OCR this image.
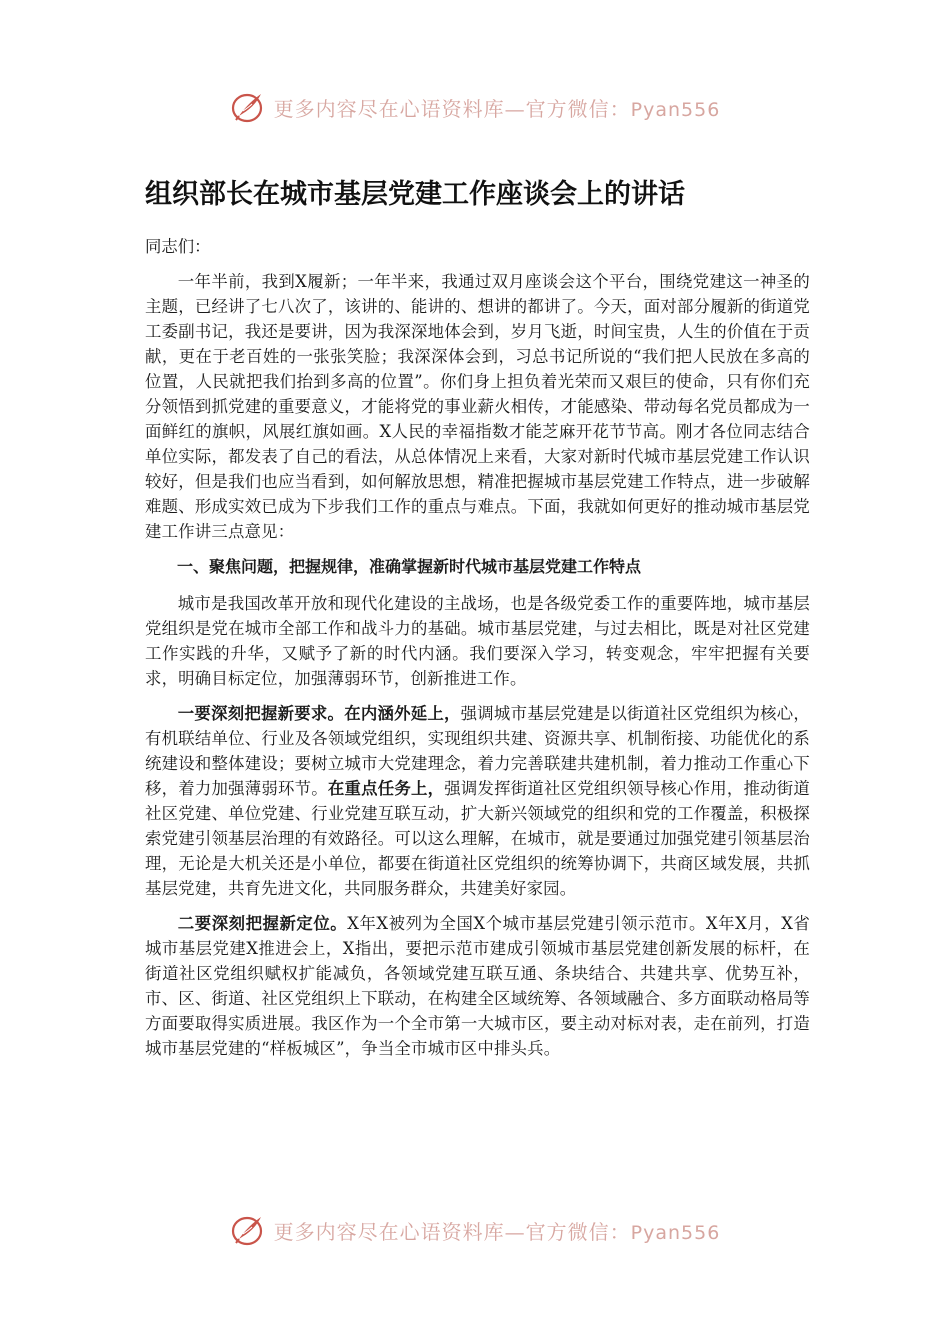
更多内容尽在心语资料库—官方微信：Pyan556
组织部长在城市基层党建工作座谈会上的讲话

同志们：

一年半前，我到X履新；一年半来，我通过双月座谈会这个平台，围绕党建这一神圣的主题，已经讲了七八次了，该讲的、能讲的、想讲的都讲了。今天，面对部分履新的街道党工委副书记，我还是要讲，因为我深深地体会到，岁月飞逝，时间宝贵，人生的价值在于贡献，更在于老百姓的一张张笑脸；我深深体会到，习总书记所说的“我们把人民放在多高的位置，人民就把我们抬到多高的位置”。你们身上担负着光荣而又艰巨的使命，只有你们充分领悟到抓党建的重要意义，才能将党的事业薪火相传，才能感染、带动每名党员都成为一面鲜红的旗帜，风展红旗如画。X人民的幸福指数才能芝麻开花节节高。刚才各位同志结合单位实际，都发表了自己的看法，从总体情况上来看，大家对新时代城市基层党建工作认识较好，但是我们也应当看到，如何解放思想，精准把握城市基层党建工作特点，进一步破解难题、形成实效已成为下步我们工作的重点与难点。下面，我就如何更好的推动城市基层党建工作讲三点意见：

一、聚焦问题，把握规律，准确掌握新时代城市基层党建工作特点

城市是我国改革开放和现代化建设的主战场，也是各级党委工作的重要阵地，城市基层党组织是党在城市全部工作和战斗力的基础。城市基层党建，与过去相比，既是对社区党建工作实践的升华，又赋予了新的时代内涵。我们要深入学习，转变观念，牢牢把握有关要求，明确目标定位，加强薄弱环节，创新推进工作。

一要深刻把握新要求。在内涵外延上，强调城市基层党建是以街道社区党组织为核心，有机联结单位、行业及各领域党组织，实现组织共建、资源共享、机制衔接、功能优化的系统建设和整体建设；要树立城市大党建理念，着力完善联建共建机制，着力推动工作重心下移，着力加强薄弱环节。在重点任务上，强调发挥街道社区党组织领导核心作用，推动街道社区党建、单位党建、行业党建互联互动，扩大新兴领域党的组织和党的工作覆盖，积极探索党建引领基层治理的有效路径。可以这么理解，在城市，就是要通过加强党建引领基层治理，无论是大机关还是小单位，都要在街道社区党组织的统筹协调下，共商区域发展，共抓基层党建，共育先进文化，共同服务群众，共建美好家园。

二要深刻把握新定位。X年X被列为全国X个城市基层党建引领示范市。X年X月，X省城市基层党建X推进会上，X指出，要把示范市建成引领城市基层党建创新发展的标杆，在街道社区党组织赋权扩能减负，各领域党建互联互通、条块结合、共建共享、优势互补，市、区、街道、社区党组织上下联动，在构建全区域统筹、各领域融合、多方面联动格局等方面要取得实质进展。我区作为一个全市第一大城市区，要主动对标对表，走在前列，打造城市基层党建的“样板城区”，争当全市城市区中排头兵。

更多内容尽在心语资料库—官方微信：Pyan556
